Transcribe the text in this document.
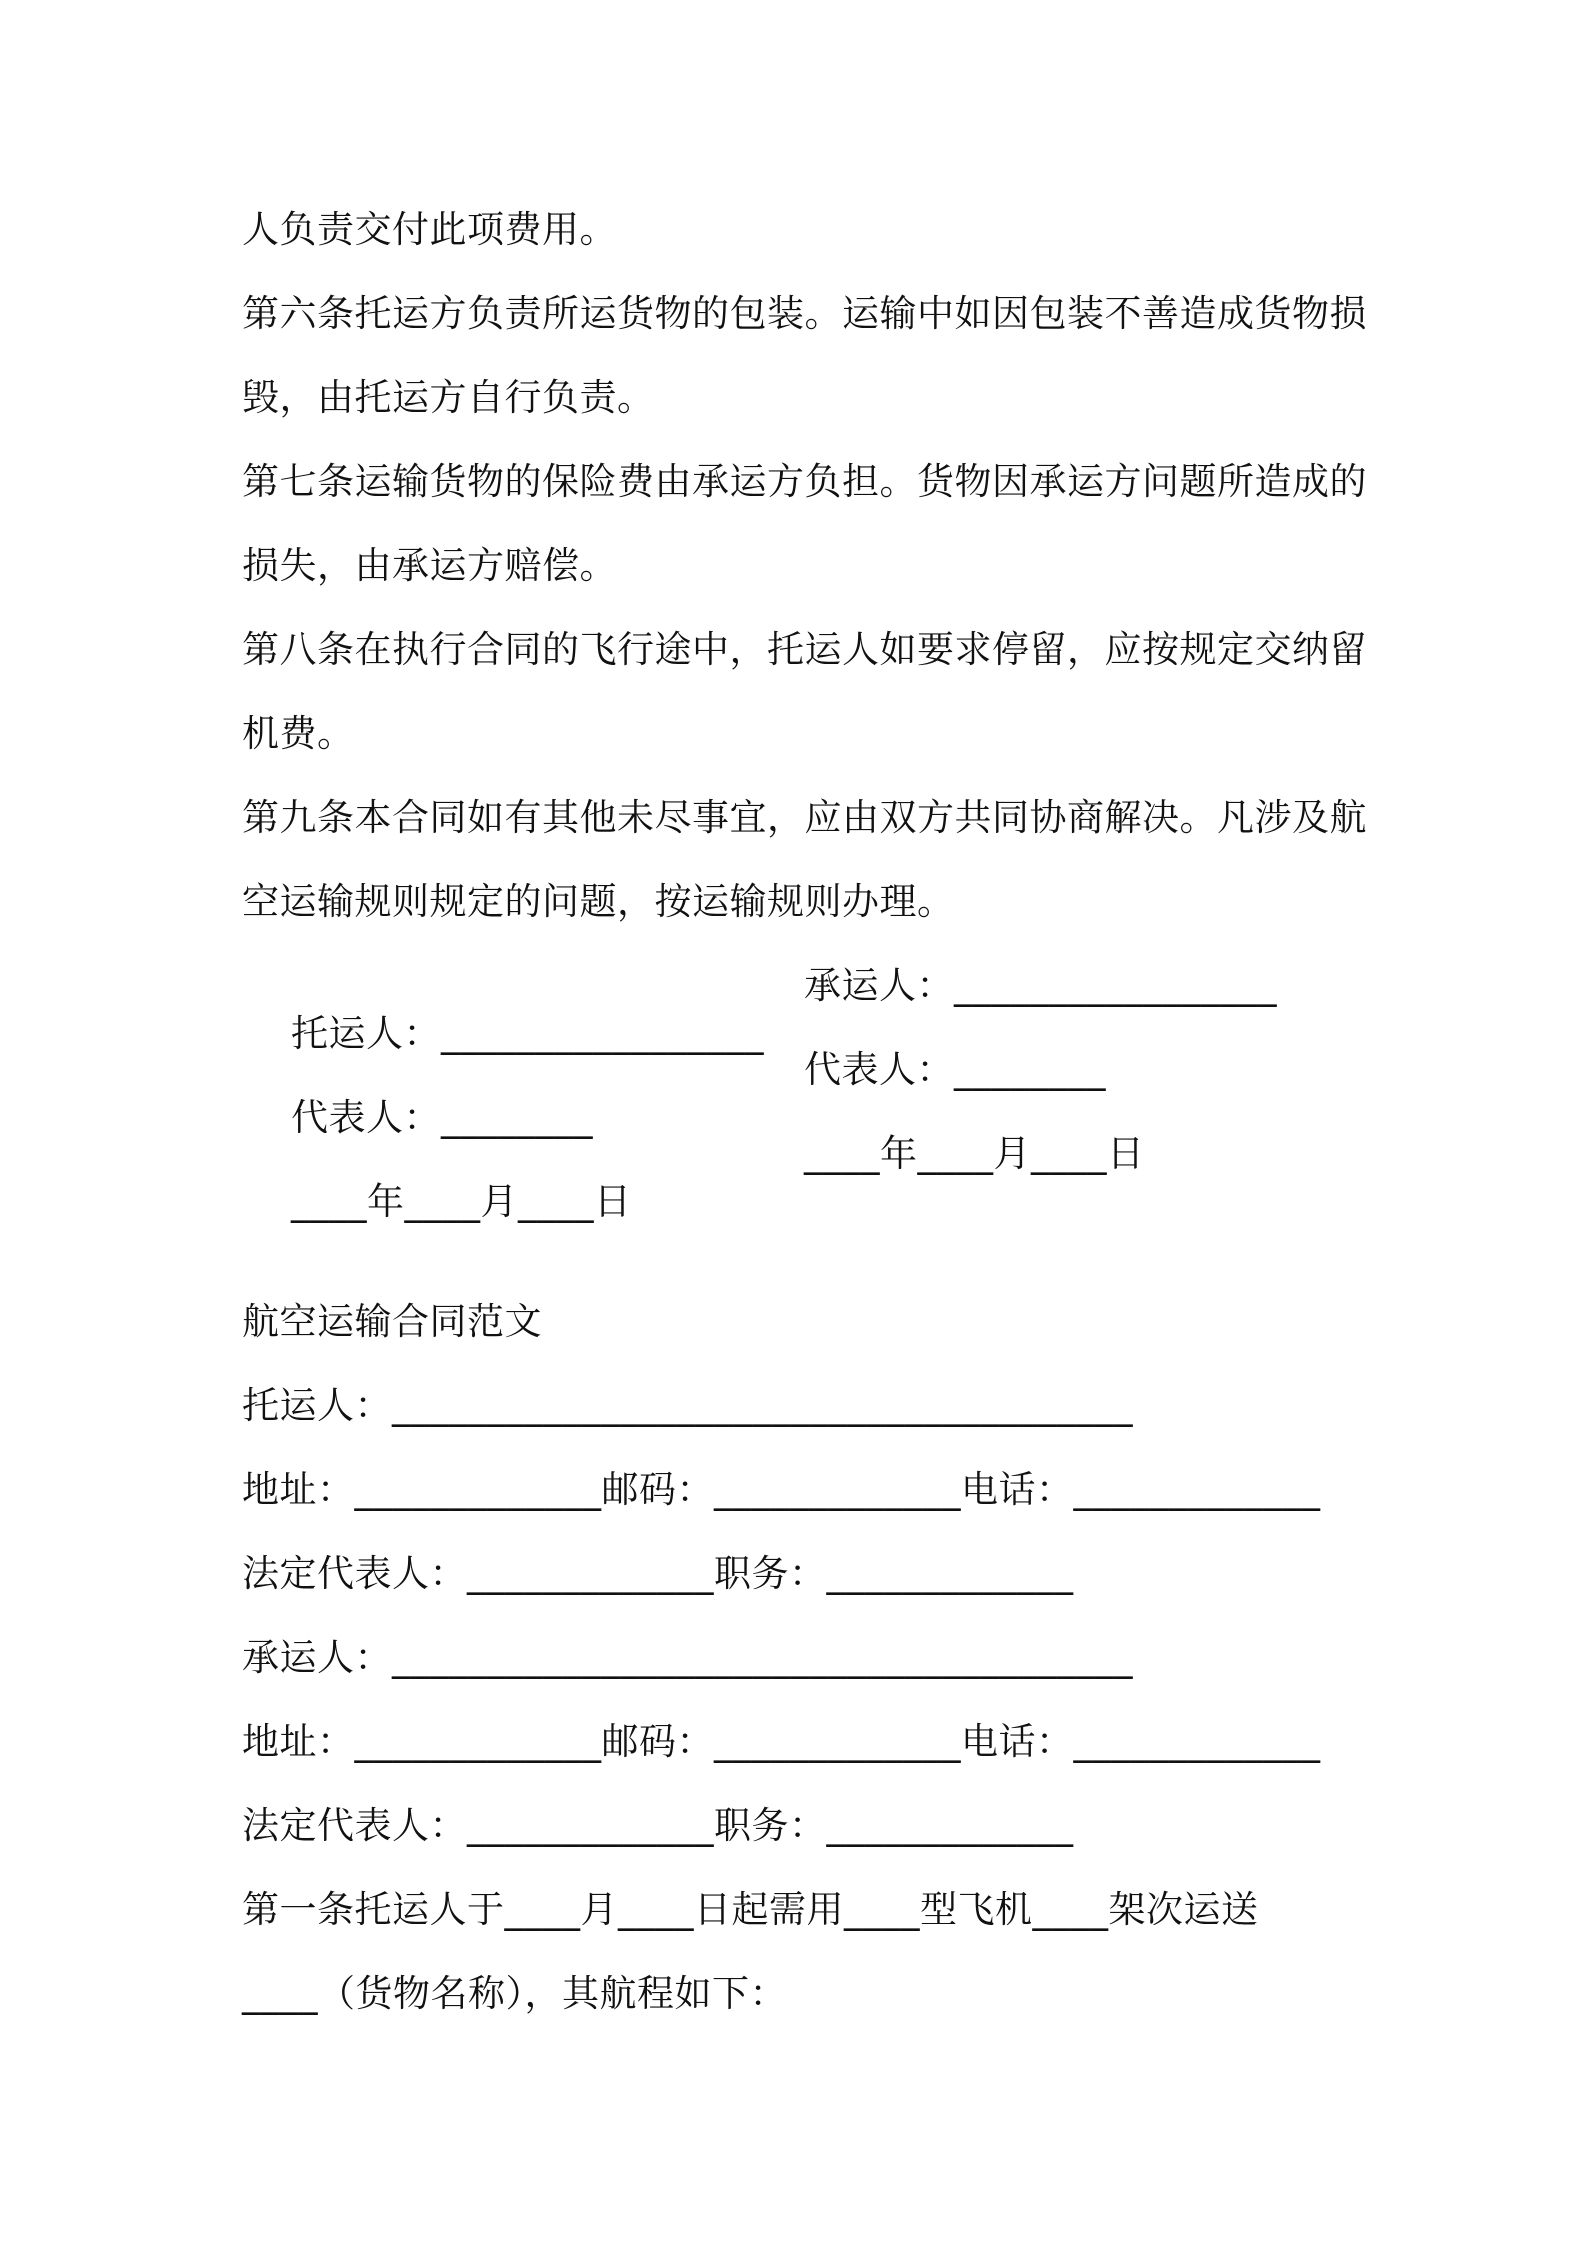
人负责交付此项费用。
第六条托运方负责所运货物的包装。运输中如因包装不善造成货物损
毁，由托运方自行负责。
第七条运输货物的保险费由承运方负担。货物因承运方问题所造成的
损失，由承运方赔偿。
第八条在执行合同的飞行途中，托运人如要求停留，应按规定交纳留
机费。
第九条本合同如有其他未尽事宜，应由双方共同协商解决。凡涉及航
空运输规则规定的问题，按运输规则办理。

托运人：_________________

承运人：_________________

代表人：________

代表人：________

____年____月____日

____年____月____日

航空运输合同范文
托运人：_______________________________________
地址：_____________邮码：_____________电话：_____________
法定代表人：_____________职务：_____________
承运人：_______________________________________
地址：_____________邮码：_____________电话：_____________
法定代表人：_____________职务：_____________
第一条托运人于____月____日起需用____型飞机____架次运送
____（货物名称），其航程如下：
